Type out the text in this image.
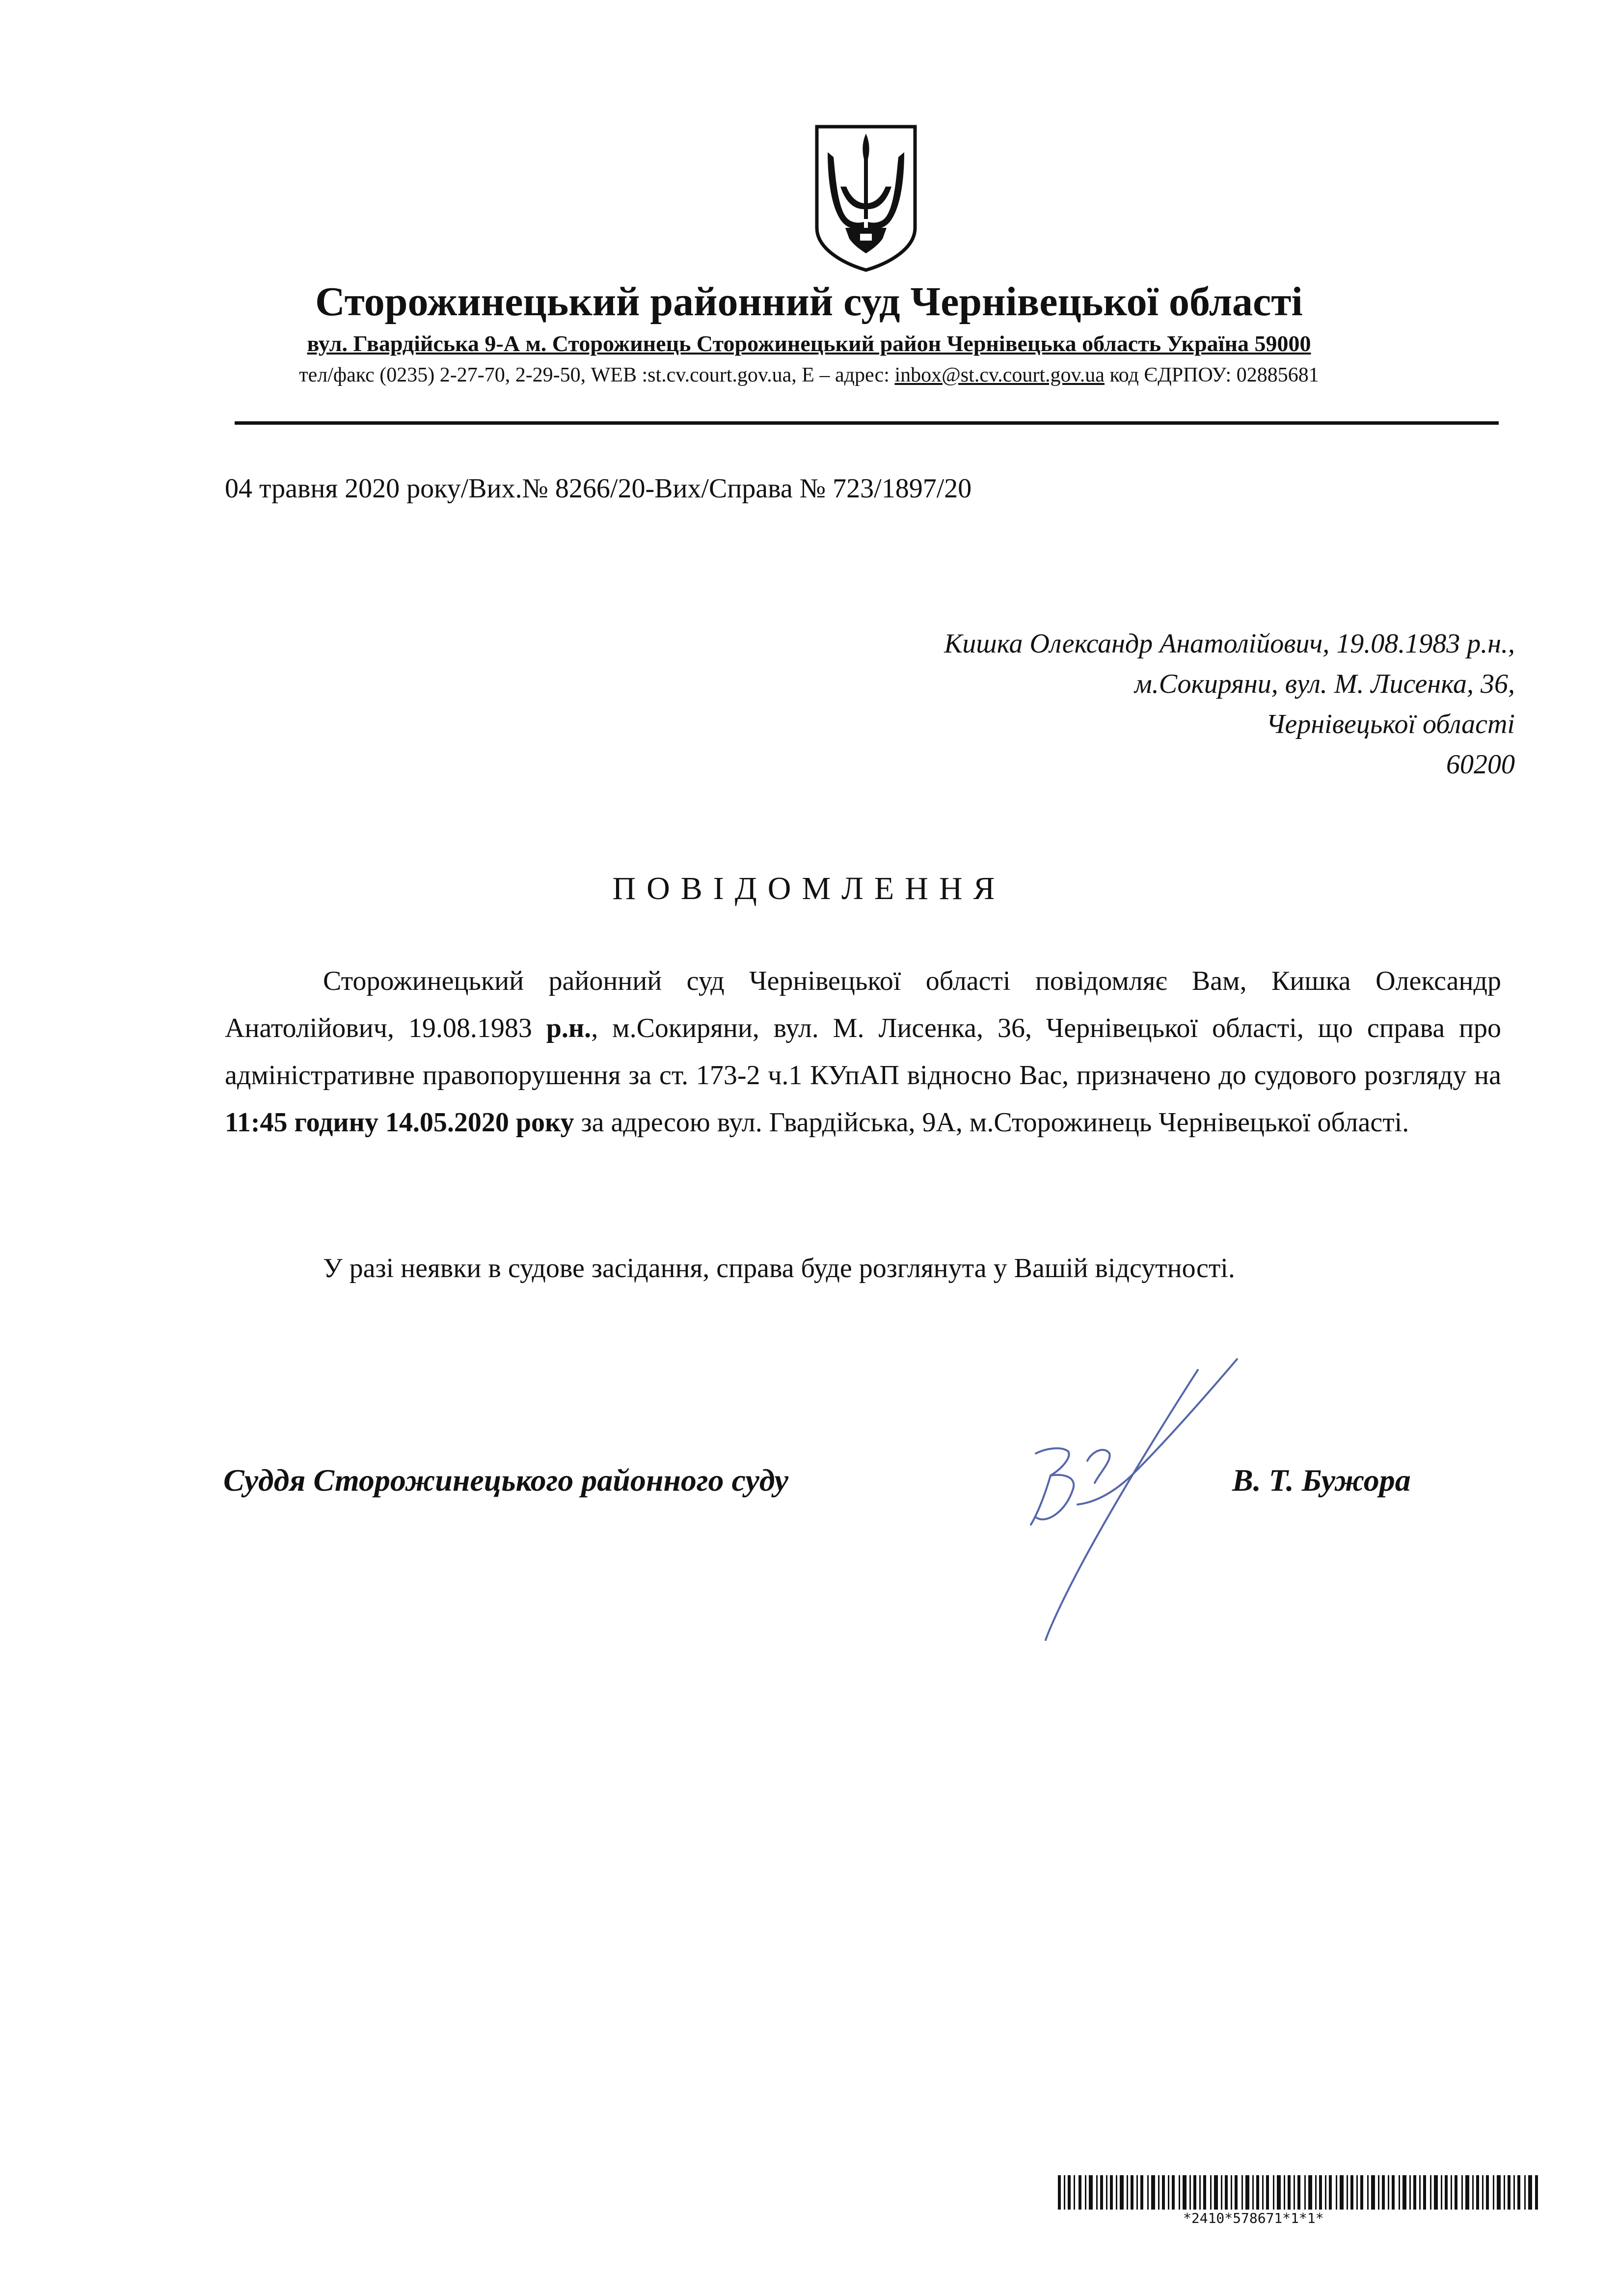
Сторожинецький районний суд Чернівецької області
вул. Гвардійська 9-А м. Сторожинець Сторожинецький район Чернівецька область Україна 59000
тел/факс (0235) 2-27-70, 2-29-50, WEB :st.cv.court.gov.ua, E – адрес: inbox@st.cv.court.gov.ua код ЄДРПОУ: 02885681
04 травня 2020 року/Вих.№ 8266/20-Вих/Справа № 723/1897/20
Кишка Олександр Анатолійович, 19.08.1983 р.н.,
м.Сокиряни, вул. М. Лисенка, 36,
Чернівецької області
60200
ПОВІДОМЛЕННЯ

Сторожинецький районний суд Чернівецької області повідомляє Вам, Кишка Олександр Анатолійович, 19.08.1983 р.н., м.Сокиряни, вул. М. Лисенка, 36, Чернівецької області, що справа про адміністративне правопорушення за ст. 173-2 ч.1 КУпАП відносно Вас, призначено до судового розгляду на 11:45 годину 14.05.2020 року за адресою вул. Гвардійська, 9А, м.Сторожинець Чернівецької області.

У разі неявки в судове засідання, справа буде розглянута у Вашій відсутності.

Суддя Сторожинецького районного суду	В. Т. Бужора
*2410*578671*1*1*
